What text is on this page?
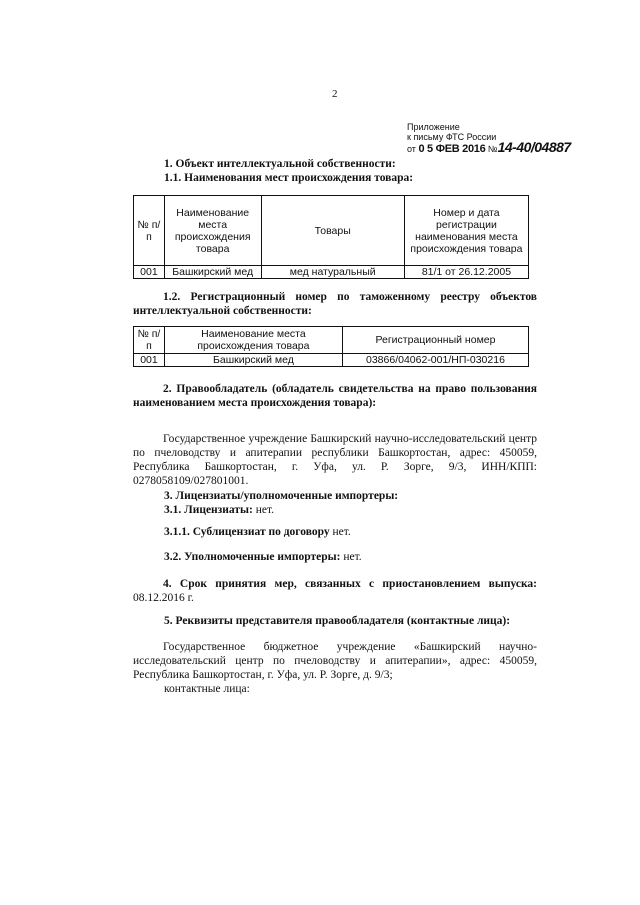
2
Приложение
к письму ФТС России
от 0 5 ФЕВ 2016 №14-40/04887
1. Объект интеллектуальной собственности:
1.1. Наименования мест происхождения товара:
№ п/п	Наименование места происхождения товара	Товары	Номер и дата регистрации наименования места происхождения товара
001	Башкирский мед	мед натуральный	81/1 от 26.12.2005
1.2. Регистрационный номер по таможенному реестру объектов интеллектуальной собственности:
№ п/п	Наименование места происхождения товара	Регистрационный номер
001	Башкирский мед	03866/04062-001/НП-030216
2. Правообладатель (обладатель свидетельства на право пользования наименованием места происхождения товара):
Государственное учреждение Башкирский научно-исследовательский центр по пчеловодству и апитерапии республики Башкортостан, адрес: 450059, Республика Башкортостан, г. Уфа, ул. Р. Зорге, 9/3, ИНН/КПП: 0278058109/027801001.
3. Лицензиаты/уполномоченные импортеры:
3.1. Лицензиаты: нет.
3.1.1. Сублицензиат по договору нет.
3.2. Уполномоченные импортеры: нет.
4. Срок принятия мер, связанных с приостановлением выпуска: 08.12.2016 г.
5. Реквизиты представителя правообладателя (контактные лица):
Государственное бюджетное учреждение «Башкирский научно-исследовательский центр по пчеловодству и апитерапии», адрес: 450059, Республика Башкортостан, г. Уфа, ул. Р. Зорге, д. 9/3;
контактные лица:
